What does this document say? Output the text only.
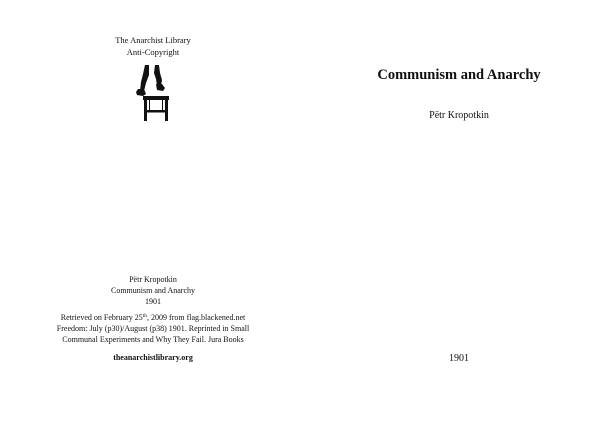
The Anarchist Library
Anti-Copyright
Pëtr Kropotkin
Communism and Anarchy
1901
Retrieved on February 25th, 2009 from flag.blackened.net
Freedom: July (p30)/August (p38) 1901. Reprinted in Small
Communal Experiments and Why They Fail. Jura Books
theanarchistlibrary.org
Communism and Anarchy
Pëtr Kropotkin
1901
